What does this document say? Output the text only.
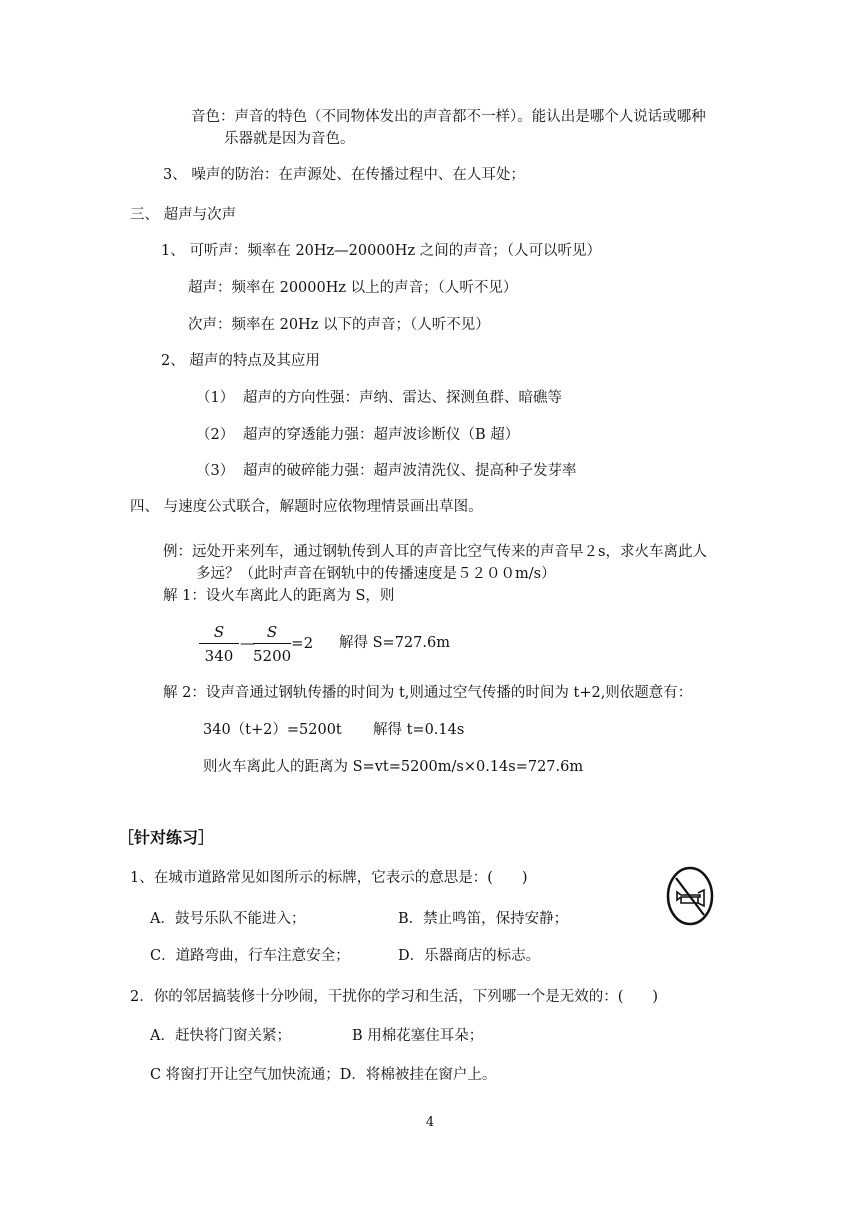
音色：声音的特色（不同物体发出的声音都不一样）。能认出是哪个人说话或哪种
乐器就是因为音色。
3、 噪声的防治：在声源处、在传播过程中、在人耳处；
三、 超声与次声
1、 可听声：频率在 20Hz—20000Hz 之间的声音；（人可以听见）
超声：频率在 20000Hz 以上的声音；（人听不见）
次声：频率在 20Hz 以下的声音；（人听不见）
2、 超声的特点及其应用
（1） 超声的方向性强：声纳、雷达、探测鱼群、暗礁等
（2） 超声的穿透能力强：超声波诊断仪（B 超）
（3） 超声的破碎能力强：超声波清洗仪、提高种子发芽率
四、 与速度公式联合，解题时应依物理情景画出草图。
例：远处开来列车，通过钢轨传到人耳的声音比空气传来的声音早２s，求火车离此人
多远？（此时声音在钢轨中的传播速度是５２００m/s）
解 1：设火车离此人的距离为 S，则
S
340
—
S
5200
=2 解得 S=727.6m
解 2：设声音通过钢轨传播的时间为 t,则通过空气传播的时间为 t+2,则依题意有：
340（t+2）=5200t 解得 t=0.14s
则火车离此人的距离为 S=vt=5200m/s×0.14s=727.6m
［针对练习］
1、在城市道路常见如图所示的标牌，它表示的意思是：(　　)
A．鼓号乐队不能进入；	B．禁止鸣笛，保持安静；
C．道路弯曲，行车注意安全；	D．乐器商店的标志。
2．你的邻居搞装修十分吵闹，干扰你的学习和生活，下列哪一个是无效的：(　　)
A．赶快将门窗关紧；	B 用棉花塞住耳朵；
C 将窗打开让空气加快流通；D．将棉被挂在窗户上。
4
